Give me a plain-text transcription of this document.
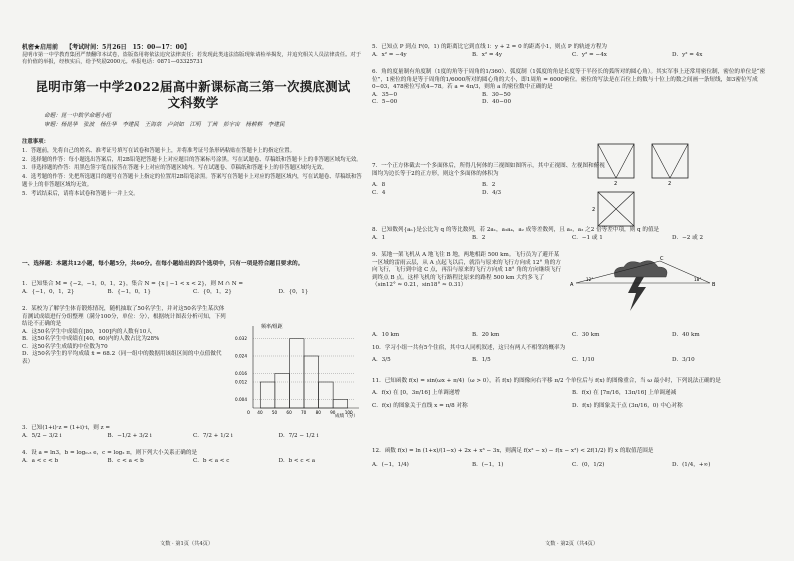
机密★启用前 【考试时间：5月26日　15：00—17：00】
昆明市第一中学教育集团严禁翻印本试卷，盗版盗用将依法追究法律责任；若发现此类违法盗版现象请检举揭发，并追究相关人员法律责任。对于有价值的举报，经核实后，给予奖励2000元。举报电话：0871—03325731
昆明市第一中学2022届高中新课标高三第一次摸底测试
文科数学
命题：昆一中数学命题小组
审题：杨昆华　张波　杨仕华　李建民　王海泉　卢剑如　江明　丁茜　彭宇宙　杨耕耕　李建民
注意事项：
1．答题前，先将自己的姓名、准考证号填写在试卷和答题卡上，并将准考证号条形码粘贴在答题卡上的指定位置。
2．选择题的作答：每小题选出答案后，用2B铅笔把答题卡上对应题目的答案标号涂黑。写在试题卷、草稿纸和答题卡上的非答题区域均无效。
3．非选择题的作答：用黑色签字笔直接答在答题卡上对应的答题区域内。写在试题卷、草稿纸和答题卡上的非答题区域均无效。
4．选考题的作答：先把所选题目的题号在答题卡上指定的位置用2B铅笔涂黑。答案写在答题卡上对应的答题区域内，写在试题卷、草稿纸和答题卡上的非答题区域均无效。
5．考试结束后，请将本试卷和答题卡一并上交。
一、选择题：本题共12小题，每小题5分，共60分。在每小题给出的四个选项中，只有一项是符合题目要求的。
1．已知集合 M = {−2，−1，0，1，2}，集合 N = {x | −1 < x < 2}，则 M ∩ N =
A．{−1，0，1，2}	B．{−1，0，1}	C．{0，1，2}	D．{0，1}
2．某校为了解学生体育锻炼情况，随机抽取了50名学生，并对这50名学生某次体育测试成绩进行分组整理（满分100分，单位：分），根据统计图表分析可知，下列结论不正确的是
A．这50名学生中成绩在[80，100]内的人数有10人
B．这50名学生中成绩在[40，60)内的人数占比为28%
C．这50名学生成绩的中位数为70
D．这50名学生的平均成绩 x̄ = 68.2（同一组中的数据用该组区间的中点值做代表）
频率/组距
成绩（分）
0
0.004
0.012
0.016
0.024
0.032
40 50 60 70 80 90 100
3．已知(1+i)·z = (1+i)·i，则 z =
A．5/2 − 3/2 i	B．−1/2 + 3/2 i	C．7/2 + 1/2 i	D．7/2 − 1/2 i
4．设 a = ln3，b = log₀.₃ e，c = log₂ π，则下列大小关系正确的是
A．a < c < b	B．c < a < b	C．b < a < c	D．b < c < a
文数 · 第1页（共4页）
5．已知点 P 到点 F(0，1) 的距离比它到直线 l：y + 2 = 0 的距离小1，则点 P 的轨迹方程为
A．x² = −4y	B．x² = 4y	C．y² = −4x	D．y² = 4x
6．角的度量制有角度制（1度的角等于周角的1/360）、弧度制（1弧度的角是长度等于半径长的弧所对的圆心角）。其实军事上还常用密位制，密位的单位是“密位”，1密位的角是等于周角的1/6000所对的圆心角的大小，即1周角 = 6000密位。密位的写法是在百位上的数与十位上的数之间画一条短线，如3密位写成0−03，478密位写成4−78。若 a = 4π/3，则角 a 的密位数中正确的是
A．35−0	B．30−50
C．5−00	D．40−00
7．一个正方体截去一个多面体后，所得几何体的三视图如图所示，其中正视图、左视图和俯视图均为边长等于2的正方形，则这个多面体的体积为
A．8	B．2
C．4	D．4/3
2	2
2
8．已知数列{aₙ}是公比为 q 的等比数列，若 2a₁，a₃a₄，a₂ 成等差数列，且 a₂，a₃ 之2 倍等差中项，则 q 的值是
A．1	B．2	C．−1 或 1	D．−2 或 2
9．某地一架飞机从 A 地飞往 B 地，两地相距 500 km。飞行员为了避开某一区域的雷雨云层，从 A 点起飞以后，就沿与原来的飞行方向成 12° 角的方向飞行，飞行到中途 C 点，再沿与原来的飞行方向成 18° 角的方向继续飞行到终点 B 点。这样飞机的飞行路程比原来的路程 500 km 大约多飞了（sin12° ≈ 0.21，sin18° ≈ 0.31）
A．10 km	B．20 km	C．30 km	D．40 km
A	B
C
12°	18°
10．学习小组一共有5个住宿，其中3人同机叙述，这只有两人不相邻的概率为
A．3/5	B．1/5	C．1/10	D．3/10
11．已知函数 f(x) = sin(ωx + π/4)（ω > 0），若 f(x) 的图像向右平移 π/2 个单位后与 f(x) 的图像重合，当 ω 最小时，下列说法正确的是
A．f(x) 在 [0，3π/16] 上单调递增	B．f(x) 在 [7π/16，13π/16] 上单调递减
C．f(x) 的图象关于直线 x = π/8 对称	D．f(x) 的图象关于点 (3π/16，0) 中心对称
12．函数 f(x) = ln (1+x)/(1−x) + 2x + x³ − 3x，则满足 f(x² − x) − f(x − x²) < 2f(1/2) 的 x 的取值范围是
A．(−1，1/4)	B．(−1，1)	C．(0，1/2)	D．(1/4，+∞)
文数 · 第2页（共4页）
